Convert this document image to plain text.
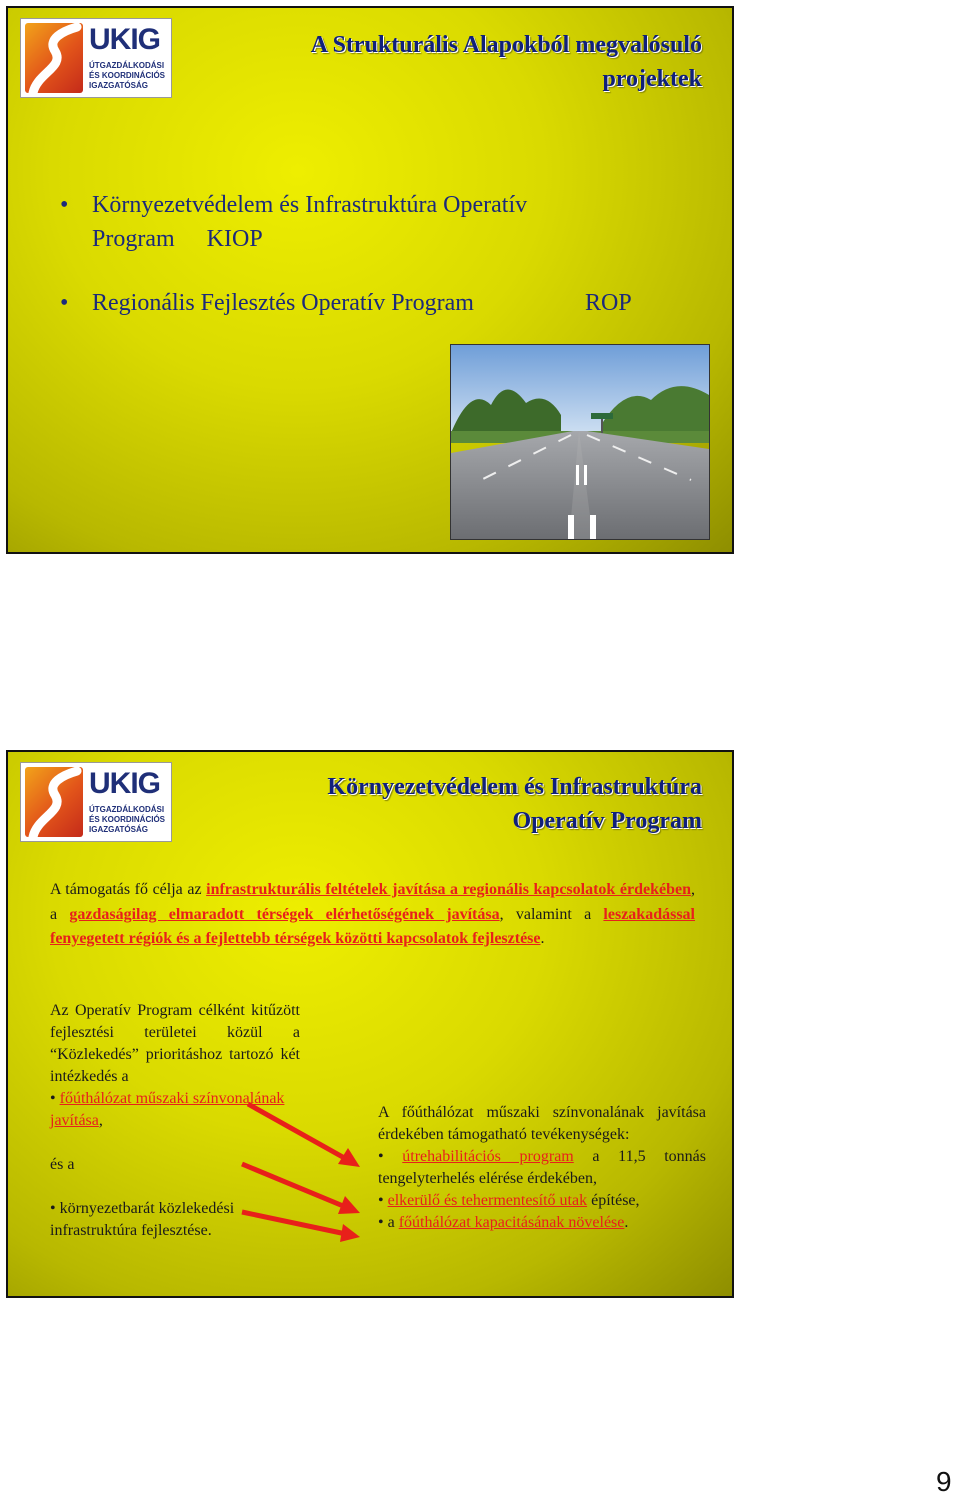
UKIG
ÚTGAZDÁLKODÁSI
ÉS KOORDINÁCIÓS
IGAZGATÓSÁG
A Strukturális Alapokból megvalósuló
projektek
• Környezetvédelem és Infrastruktúra Operatív
Program KIOP
• Regionális Fejlesztés Operatív Program	ROP
UKIG
ÚTGAZDÁLKODÁSI
ÉS KOORDINÁCIÓS
IGAZGATÓSÁG
Környezetvédelem és Infrastruktúra
Operatív Program
A támogatás fő célja az infrastrukturális feltételek javítása a regionális kapcsolatok érdekében, a gazdaságilag elmaradott térségek elérhetőségének javítása, valamint a leszakadással fenyegetett régiók és a fejlettebb térségek közötti kapcsolatok fejlesztése.

Az Operatív Program célként kitűzött fejlesztési területei közül a “Közlekedés” prioritáshoz tartozó két intézkedés a

• főúthálózat műszaki színvonalának javítása,

és a

• környezetbarát közlekedési infrastruktúra fejlesztése.

A főúthálózat műszaki színvonalának javítása érdekében támogatható tevékenységek:

• útrehabilitációs program a 11,5 tonnás tengelyterhelés elérése érdekében,

• elkerülő és tehermentesítő utak építése,

• a főúthálózat kapacitásának növelése.

9
